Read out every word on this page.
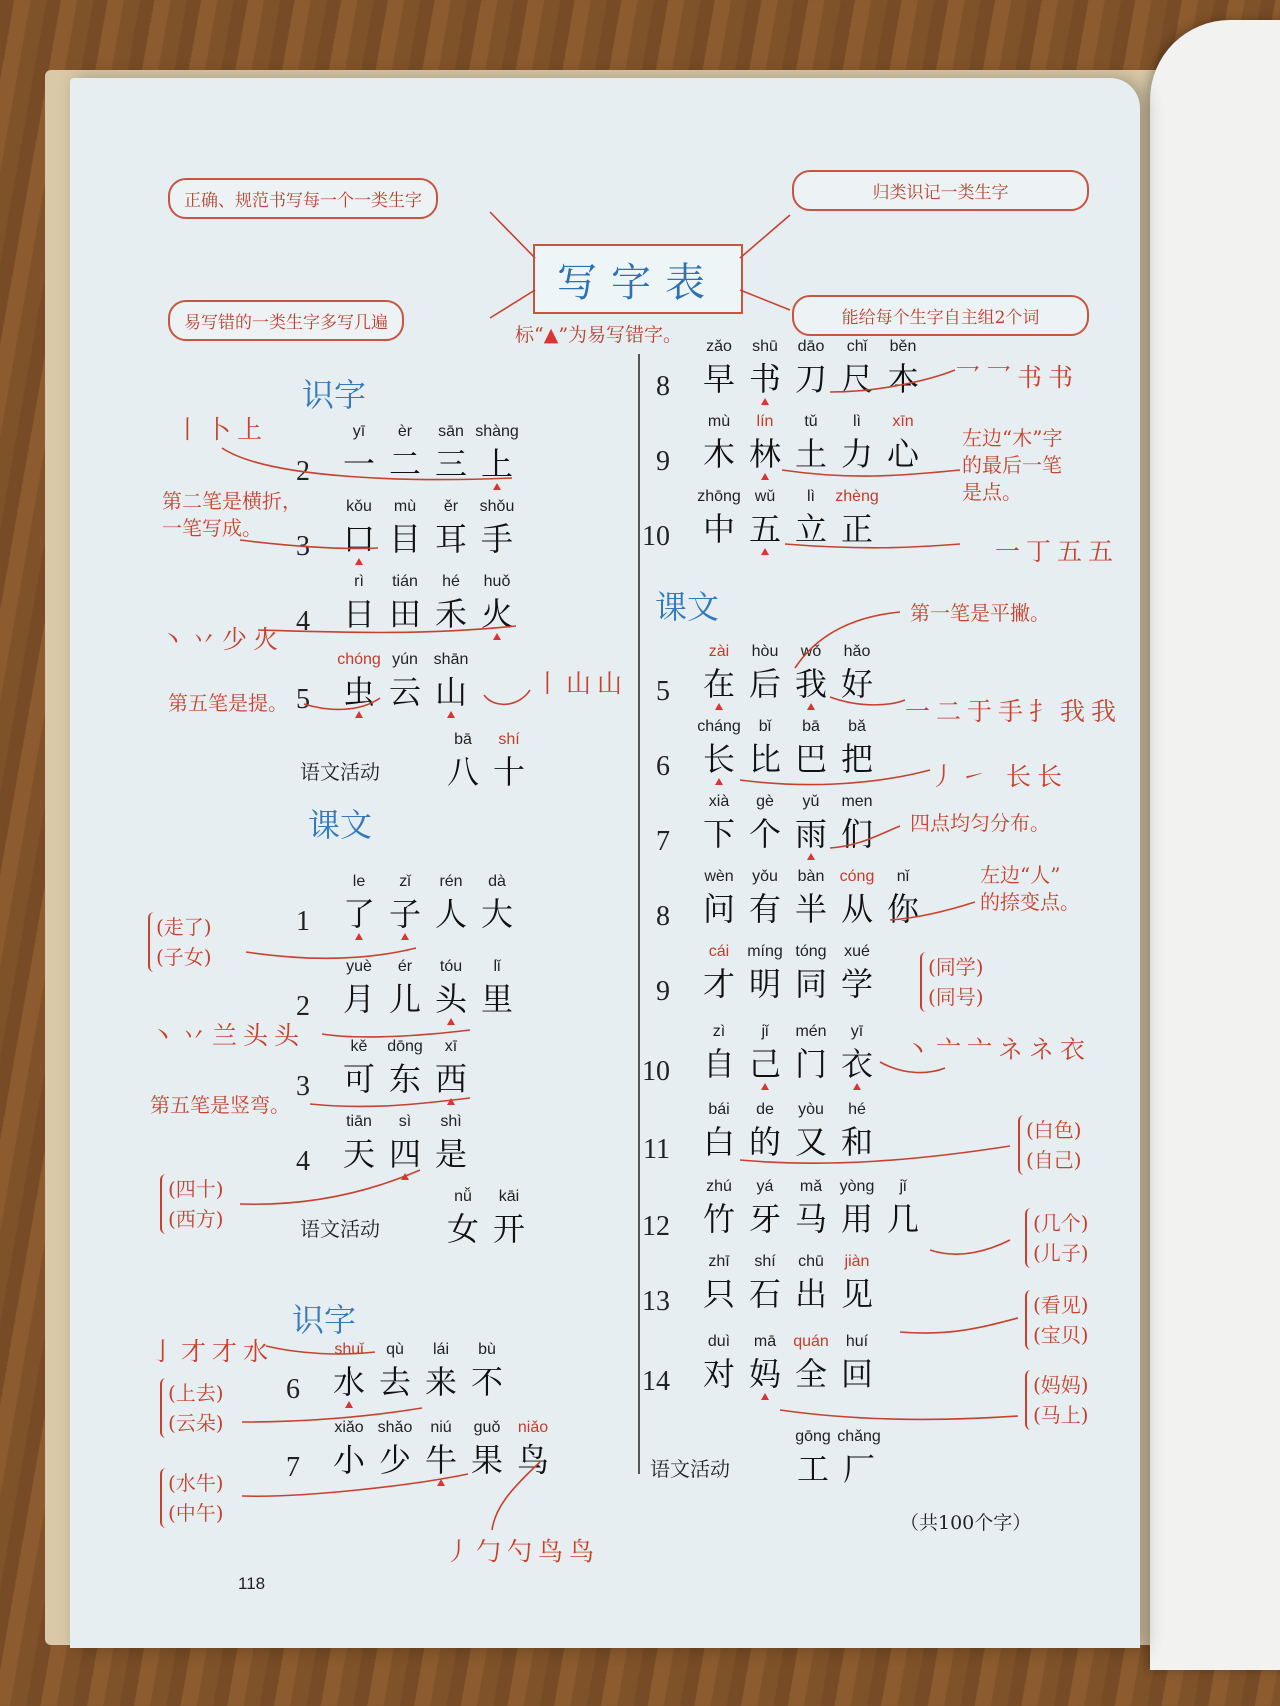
正确、规范书写每一个一类生字
易写错的一类生字多写几遍
归类识记一类生字
能给每个生字自主组2个词
写字表
标“▲”为易写错字。
识字
课文
识字
课文
2
yī
一
èr
二
sān
三
shàng
上
3
kǒu
口
mù
目
ěr
耳
shǒu
手
4
rì
日
tián
田
hé
禾
huǒ
火
5
chóng
虫
yún
云
shān
山
语文活动
bā
八
shí
十
1
le
了
zǐ
子
rén
人
dà
大
2
yuè
月
ér
儿
tóu
头
lǐ
里
3
kě
可
dōng
东
xī
西
4
tiān
天
sì
四
shì
是
语文活动
nǚ
女
kāi
开
6
shuǐ
水
qù
去
lái
来
bù
不
7
xiǎo
小
shǎo
少
niú
牛
guǒ
果
niǎo
鸟
8
zǎo
早
shū
书
dāo
刀
chǐ
尺
běn
本
9
mù
木
lín
林
tǔ
土
lì
力
xīn
心
10
zhōng
中
wǔ
五
lì
立
zhèng
正
5
zài
在
hòu
后
wǒ
我
hǎo
好
6
cháng
长
bǐ
比
bā
巴
bǎ
把
7
xià
下
gè
个
yǔ
雨
men
们
8
wèn
问
yǒu
有
bàn
半
cóng
从
nǐ
你
9
cái
才
míng
明
tóng
同
xué
学
10
zì
自
jǐ
己
mén
门
yī
衣
11
bái
白
de
的
yòu
又
hé
和
12
zhú
竹
yá
牙
mǎ
马
yòng
用
jǐ
几
13
zhī
只
shí
石
chū
出
jiàn
见
14
duì
对
mā
妈
quán
全
huí
回
语文活动
gōng
工
chǎng
厂
丨卜上
第二笔是横折，
一笔写成。
丶丷少火
第五笔是提。
丨山山
(走了)
(子女)
丶丷兰头头
第五笔是竖弯。
(四十)
(西方)
亅才才水
(上去)
(云朵)
(水牛)
(中午)
丿勹勺鸟鸟
乛乛书书
左边“木”字
的最后一笔
是点。
一丁五五
第一笔是平撇。
一二于手扌我我
丿㇀ 长长
四点均匀分布。
左边“人”
的捺变点。
(同学)
(同号)
丶亠亠ネネ衣
(白色)
(自己)
(几个)
(儿子)
(看见)
(宝贝)
(妈妈)
(马上)
118
（共100个字）
